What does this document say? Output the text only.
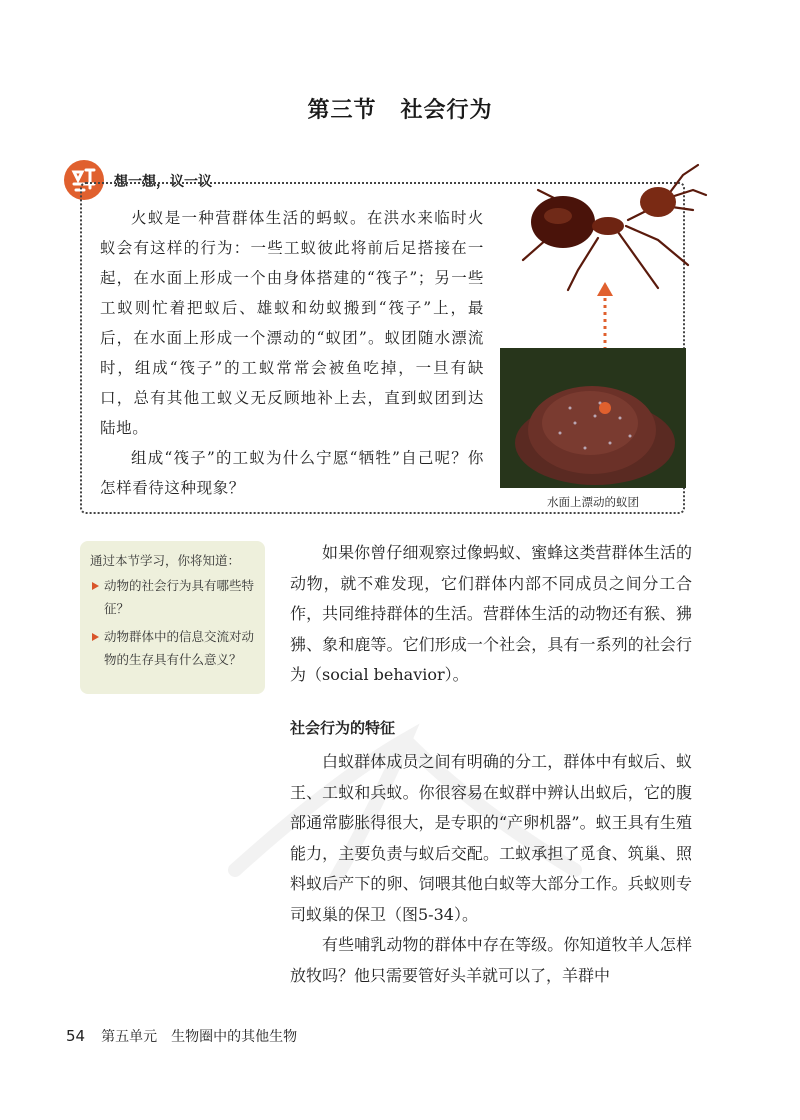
第三节 社会行为
想一想，议一议

火蚁是一种营群体生活的蚂蚁。在洪水来临时火蚁会有这样的行为：一些工蚁彼此将前后足搭接在一起，在水面上形成一个由身体搭建的“筏子”；另一些工蚁则忙着把蚁后、雄蚁和幼蚁搬到“筏子”上，最后，在水面上形成一个漂动的“蚁团”。蚁团随水漂流时，组成“筏子”的工蚁常常会被鱼吃掉，一旦有缺口，总有其他工蚁义无反顾地补上去，直到蚁团到达陆地。

组成“筏子”的工蚁为什么宁愿“牺牲”自己呢？你怎样看待这种现象？

水面上漂动的蚁团
通过本节学习，你将知道：
动物的社会行为具有哪些特征？
动物群体中的信息交流对动物的生存具有什么意义？

如果你曾仔细观察过像蚂蚁、蜜蜂这类营群体生活的动物，就不难发现，它们群体内部不同成员之间分工合作，共同维持群体的生活。营群体生活的动物还有猴、狒狒、象和鹿等。它们形成一个社会，具有一系列的社会行为（social behavior）。

社会行为的特征

白蚁群体成员之间有明确的分工，群体中有蚁后、蚁王、工蚁和兵蚁。你很容易在蚁群中辨认出蚁后，它的腹部通常膨胀得很大，是专职的“产卵机器”。蚁王具有生殖能力，主要负责与蚁后交配。工蚁承担了觅食、筑巢、照料蚁后产下的卵、饲喂其他白蚁等大部分工作。兵蚁则专司蚁巢的保卫（图5-34）。

有些哺乳动物的群体中存在等级。你知道牧羊人怎样放牧吗？他只需要管好头羊就可以了，羊群中

54 第五单元　生物圈中的其他生物
